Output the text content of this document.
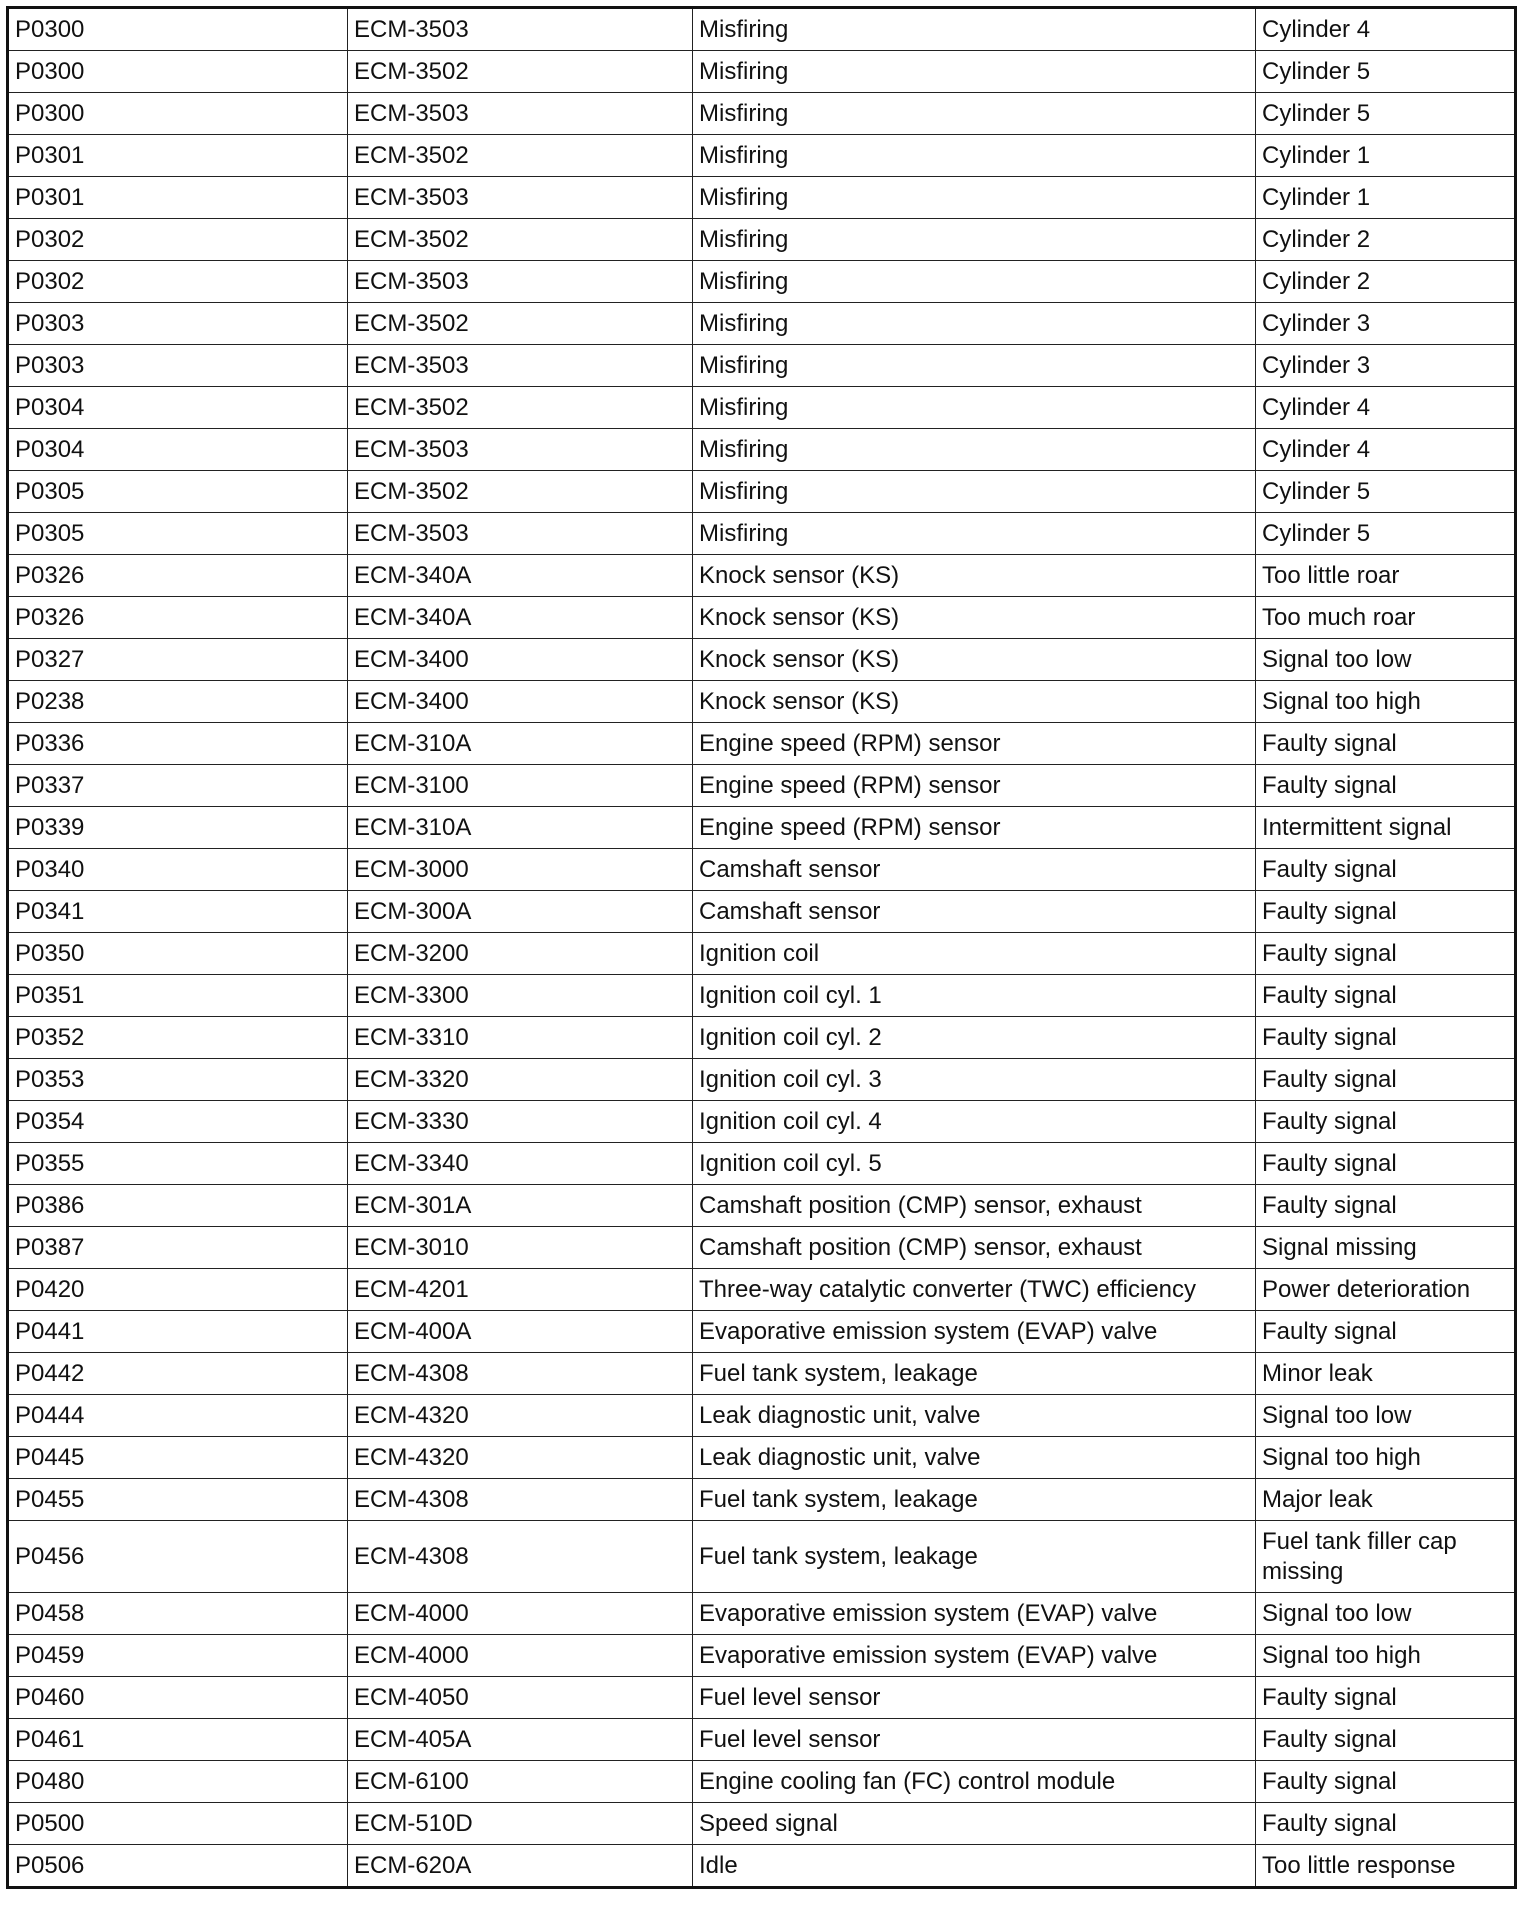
P0300	ECM-3503	Misfiring	Cylinder 4
P0300	ECM-3502	Misfiring	Cylinder 5
P0300	ECM-3503	Misfiring	Cylinder 5
P0301	ECM-3502	Misfiring	Cylinder 1
P0301	ECM-3503	Misfiring	Cylinder 1
P0302	ECM-3502	Misfiring	Cylinder 2
P0302	ECM-3503	Misfiring	Cylinder 2
P0303	ECM-3502	Misfiring	Cylinder 3
P0303	ECM-3503	Misfiring	Cylinder 3
P0304	ECM-3502	Misfiring	Cylinder 4
P0304	ECM-3503	Misfiring	Cylinder 4
P0305	ECM-3502	Misfiring	Cylinder 5
P0305	ECM-3503	Misfiring	Cylinder 5
P0326	ECM-340A	Knock sensor (KS)	Too little roar
P0326	ECM-340A	Knock sensor (KS)	Too much roar
P0327	ECM-3400	Knock sensor (KS)	Signal too low
P0238	ECM-3400	Knock sensor (KS)	Signal too high
P0336	ECM-310A	Engine speed (RPM) sensor	Faulty signal
P0337	ECM-3100	Engine speed (RPM) sensor	Faulty signal
P0339	ECM-310A	Engine speed (RPM) sensor	Intermittent signal
P0340	ECM-3000	Camshaft sensor	Faulty signal
P0341	ECM-300A	Camshaft sensor	Faulty signal
P0350	ECM-3200	Ignition coil	Faulty signal
P0351	ECM-3300	Ignition coil cyl. 1	Faulty signal
P0352	ECM-3310	Ignition coil cyl. 2	Faulty signal
P0353	ECM-3320	Ignition coil cyl. 3	Faulty signal
P0354	ECM-3330	Ignition coil cyl. 4	Faulty signal
P0355	ECM-3340	Ignition coil cyl. 5	Faulty signal
P0386	ECM-301A	Camshaft position (CMP) sensor, exhaust	Faulty signal
P0387	ECM-3010	Camshaft position (CMP) sensor, exhaust	Signal missing
P0420	ECM-4201	Three-way catalytic converter (TWC) efficiency	Power deterioration
P0441	ECM-400A	Evaporative emission system (EVAP) valve	Faulty signal
P0442	ECM-4308	Fuel tank system, leakage	Minor leak
P0444	ECM-4320	Leak diagnostic unit, valve	Signal too low
P0445	ECM-4320	Leak diagnostic unit, valve	Signal too high
P0455	ECM-4308	Fuel tank system, leakage	Major leak
P0456	ECM-4308	Fuel tank system, leakage	Fuel tank filler cap missing
P0458	ECM-4000	Evaporative emission system (EVAP) valve	Signal too low
P0459	ECM-4000	Evaporative emission system (EVAP) valve	Signal too high
P0460	ECM-4050	Fuel level sensor	Faulty signal
P0461	ECM-405A	Fuel level sensor	Faulty signal
P0480	ECM-6100	Engine cooling fan (FC) control module	Faulty signal
P0500	ECM-510D	Speed signal	Faulty signal
P0506	ECM-620A	Idle	Too little response
